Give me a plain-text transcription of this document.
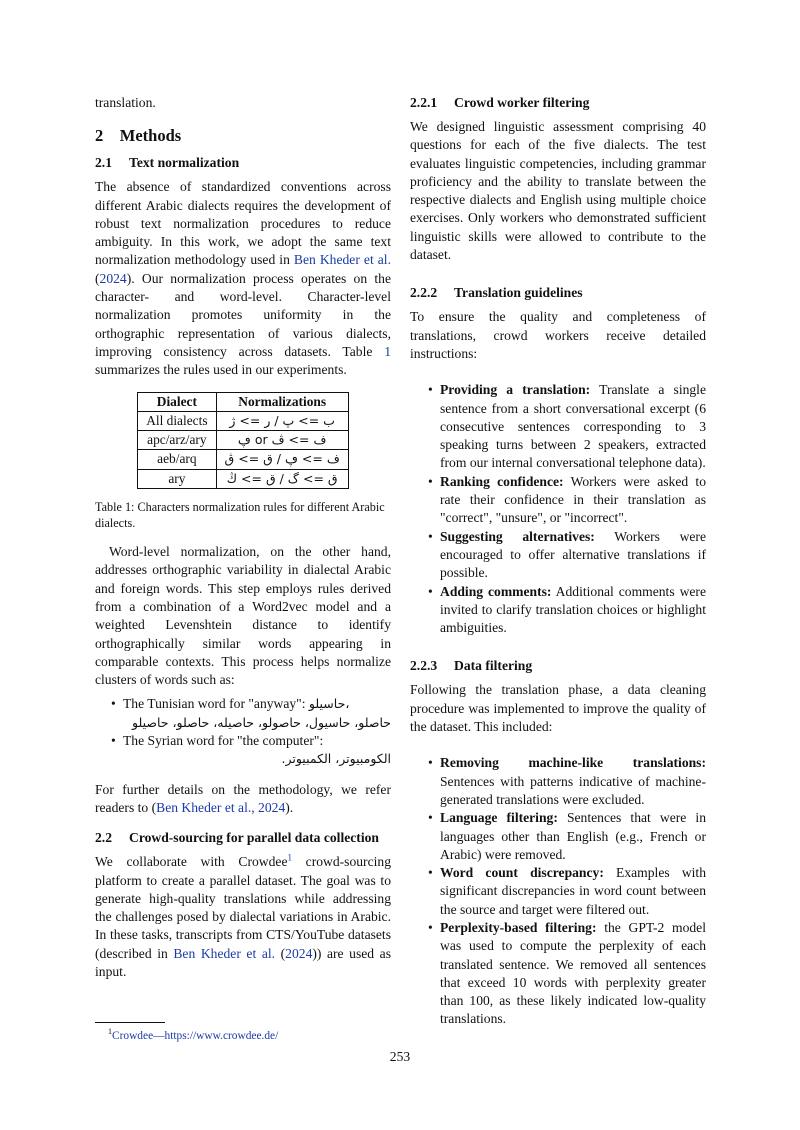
translation.

2 Methods
2.1	Text normalization

The absence of standardized conventions across different Arabic dialects requires the development of robust text normalization procedures to reduce ambiguity. In this work, we adopt the same text normalization methodology used in Ben Kheder et al. (2024). Our normalization process operates on the character- and word-level. Character-level normalization promotes uniformity in the orthographic representation of various dialects, improving consistency across datasets. Table 1 summarizes the rules used in our experiments.

Dialect	Normalizations
All dialects	ب => پ / ر => ژ
apc/arz/ary	ف => ڤ or ڥ
aeb/arq	ف => ڥ / ق => ڨ
ary	ق => گ / ق => ڭ

Table 1: Characters normalization rules for different Arabic dialects.

Word-level normalization, on the other hand, addresses orthographic variability in dialectal Arabic and foreign words. This step employs rules derived from a combination of a Word2vec model and a weighted Levenshtein distance to identify orthographically similar words appearing in comparable contexts. This process helps normalize clusters of words such as:

• The Tunisian word for "anyway": حاسيلو،
حاصلو، حاسيول، حاصولو، حاصيله، حاصلو، حاصيلو
• The Syrian word for "the computer":
الكومبيوتر، الكمبيوتر.

For further details on the methodology, we refer readers to (Ben Kheder et al., 2024).

2.2	Crowd-sourcing for parallel data collection

We collaborate with Crowdee$^1$ crowd-sourcing platform to create a parallel dataset. The goal was to generate high-quality translations while addressing the challenges posed by dialectal variations in Arabic. In these tasks, transcripts from CTS/YouTube datasets (described in Ben Kheder et al. (2024)) are used as input.

2.2.1	Crowd worker filtering

We designed linguistic assessment comprising 40 questions for each of the five dialects. The test evaluates linguistic competencies, including grammar proficiency and the ability to translate between the respective dialects and English using multiple choice exercises. Only workers who demonstrated sufficient linguistic skills were allowed to contribute to the dataset.

2.2.2	Translation guidelines

To ensure the quality and completeness of translations, crowd workers receive detailed instructions:

• Providing a translation: Translate a single sentence from a short conversational excerpt (6 consecutive sentences corresponding to 3 speaking turns between 2 speakers, extracted from our internal conversational telephone data).
• Ranking confidence: Workers were asked to rate their confidence in their translation as "correct", "unsure", or "incorrect".
• Suggesting alternatives: Workers were encouraged to offer alternative translations if possible.
• Adding comments: Additional comments were invited to clarify translation choices or highlight ambiguities.
2.2.3	Data filtering

Following the translation phase, a data cleaning procedure was implemented to improve the quality of the dataset. This included:

• Removing machine-like translations: Sentences with patterns indicative of machine-generated translations were excluded.
• Language filtering: Sentences that were in languages other than English (e.g., French or Arabic) were removed.
• Word count discrepancy: Examples with significant discrepancies in word count between the source and target were filtered out.
• Perplexity-based filtering: the GPT-2 model was used to compute the perplexity of each translated sentence. We removed all sentences that exceed 10 words with perplexity greater than 100, as these likely indicated low-quality translations.
$^1$Crowdee—https://www.crowdee.de/
253
